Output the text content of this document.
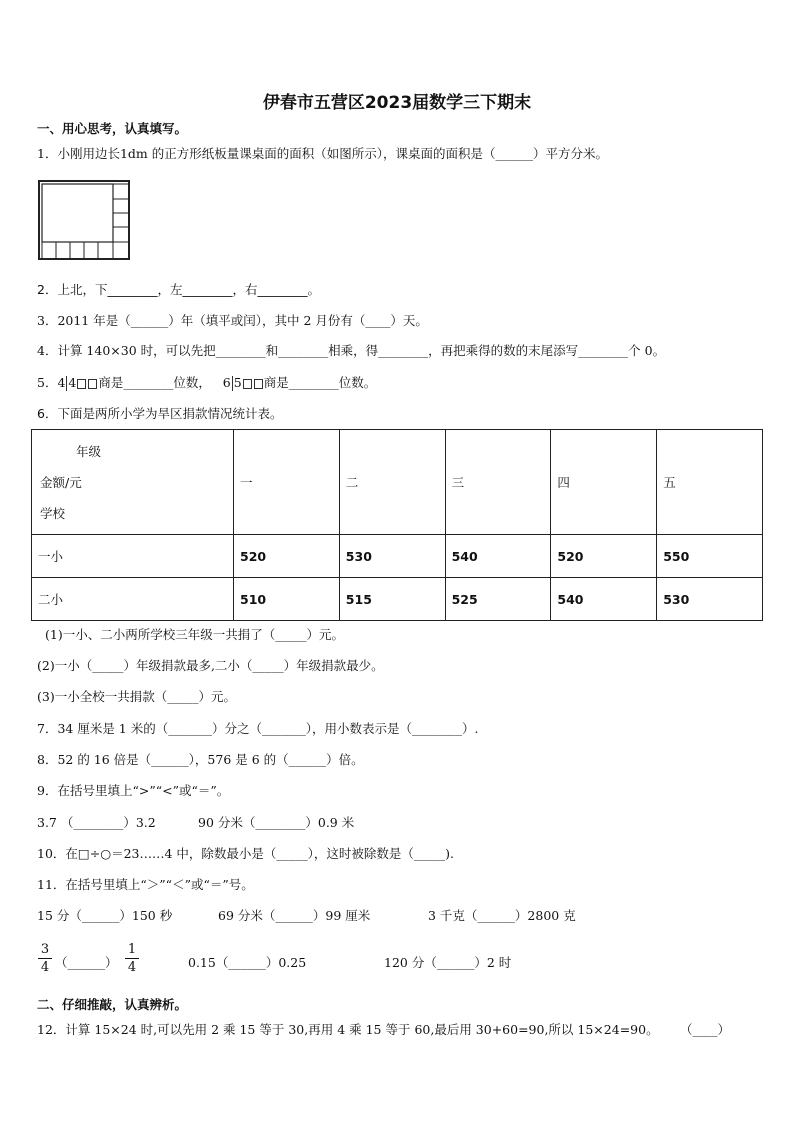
伊春市五营区2023届数学三下期末
一、用心思考，认真填写。
1．小刚用边长1dm 的正方形纸板量课桌面的面积（如图所示），课桌面的面积是（______）平方分米。
2．上北，下________，左________，右________。
3．2011 年是（______）年（填平或闰），其中 2 月份有（____）天。
4．计算 140×30 时，可以先把________和________相乘，得________，再把乘得的数的末尾添写________个 0。
5．4 4 商是________位数， 6 5 商是________位数。
6．下面是两所小学为旱区捐款情况统计表。
年级
金额/元
学校	一	二	三	四	五
一小	520	530	540	520	550
二小	510	515	525	540	530
(1)一小、二小两所学校三年级一共捐了（_____）元。
(2)一小（_____）年级捐款最多,二小（_____）年级捐款最少。
(3)一小全校一共捐款（_____）元。
7．34 厘米是 1 米的（_______）分之（_______），用小数表示是（________）.
8．52 的 16 倍是（______），576 是 6 的（______）倍。
9．在括号里填上“>”“<”或“＝”。
3.7 （________）3.2	90 分米（________）0.9 米
10．在□÷○＝23……4 中，除数最小是（_____），这时被除数是（_____).
11．在括号里填上“＞”“＜”或“＝”号。
15 分（______）150 秒	69 分米（______）99 厘米	3 千克（______）2800 克
3
4 （______）
1
4	0.15（______）0.25	120 分（______）2 时
二、仔细推敲，认真辨析。
12．计算 15×24 时,可以先用 2 乘 15 等于 30,再用 4 乘 15 等于 60,最后用 30+60=90,所以 15×24=90。 （____）
